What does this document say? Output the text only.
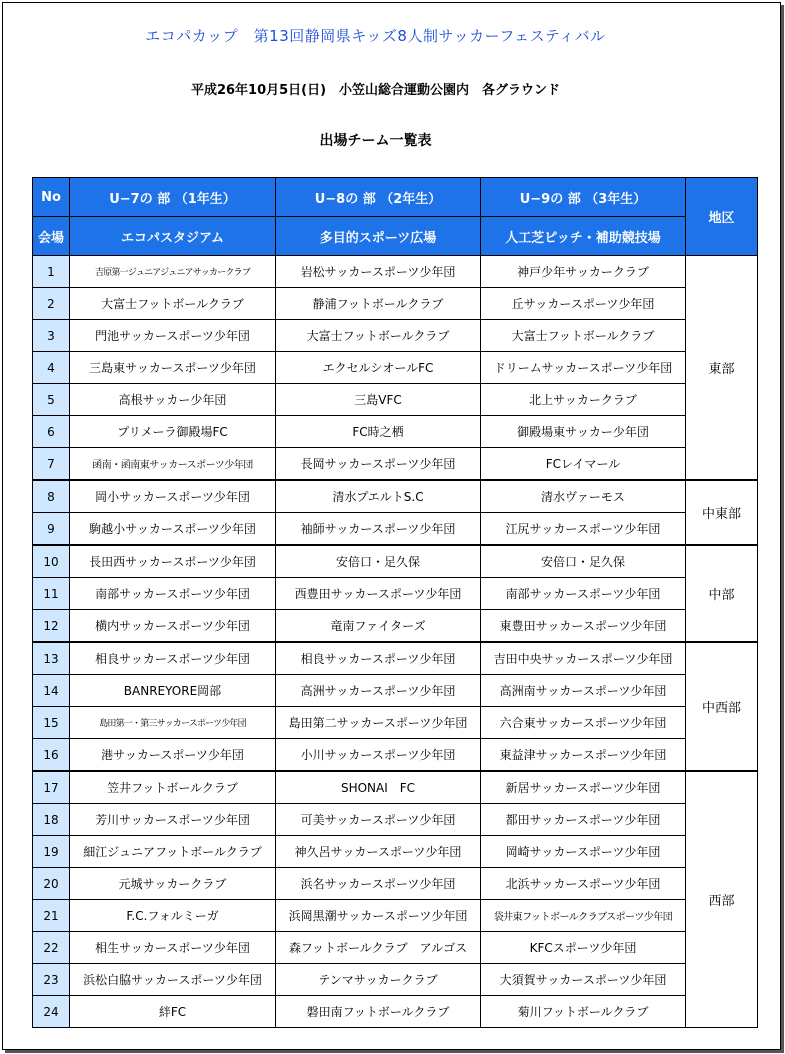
エコパカップ　第13回静岡県キッズ8人制サッカーフェスティバル
平成26年10月5日(日)　小笠山総合運動公園内　各グラウンド
出場チーム一覧表
No	U−7の 部 （1年生）	U−8の 部 （2年生）	U−9の 部 （3年生）	地区
会場	エコパスタジアム	多目的スポーツ広場	人工芝ピッチ・補助競技場	
1	吉原第一ジュニアジュニアサッカークラブ	岩松サッカースポーツ少年団	神戸少年サッカークラブ	東部
2	大富士フットボールクラブ	静浦フットボールクラブ	丘サッカースポーツ少年団	
3	門池サッカースポーツ少年団	大富士フットボールクラブ	大富士フットボールクラブ	
4	三島東サッカースポーツ少年団	エクセルシオールFC	ドリームサッカースポーツ少年団	
5	高根サッカー少年団	三島VFC	北上サッカークラブ	
6	プリメーラ御殿場FC	FC時之栖	御殿場東サッカー少年団	
7	函南・函南東サッカースポーツ少年団	長岡サッカースポーツ少年団	FCレイマール	
8	岡小サッカースポーツ少年団	清水プエルトS.C	清水ヴァーモス	中東部
9	駒越小サッカースポーツ少年団	袖師サッカースポーツ少年団	江尻サッカースポーツ少年団	
10	長田西サッカースポーツ少年団	安倍口・足久保	安倍口・足久保	中部
11	南部サッカースポーツ少年団	西豊田サッカースポーツ少年団	南部サッカースポーツ少年団	
12	横内サッカースポーツ少年団	竜南ファイターズ	東豊田サッカースポーツ少年団	
13	相良サッカースポーツ少年団	相良サッカースポーツ少年団	吉田中央サッカースポーツ少年団	中西部
14	BANREYORE岡部	高洲サッカースポーツ少年団	高洲南サッカースポーツ少年団	
15	島田第一・第三サッカースポーツ少年団	島田第二サッカースポーツ少年団	六合東サッカースポーツ少年団	
16	港サッカースポーツ少年団	小川サッカースポーツ少年団	東益津サッカースポーツ少年団	
17	笠井フットボールクラブ	SHONAI　FC	新居サッカースポーツ少年団	西部
18	芳川サッカースポーツ少年団	可美サッカースポーツ少年団	都田サッカースポーツ少年団	
19	細江ジュニアフットボールクラブ	神久呂サッカースポーツ少年団	岡崎サッカースポーツ少年団	
20	元城サッカークラブ	浜名サッカースポーツ少年団	北浜サッカースポーツ少年団	
21	F.C.フォルミーガ	浜岡黒潮サッカースポーツ少年団	袋井東フットボールクラブスポーツ少年団	
22	相生サッカースポーツ少年団	森フットボールクラブ　アルゴス	KFCスポーツ少年団	
23	浜松白脇サッカースポーツ少年団	テンマサッカークラブ	大須賀サッカースポーツ少年団	
24	絆FC	磐田南フットボールクラブ	菊川フットボールクラブ	
